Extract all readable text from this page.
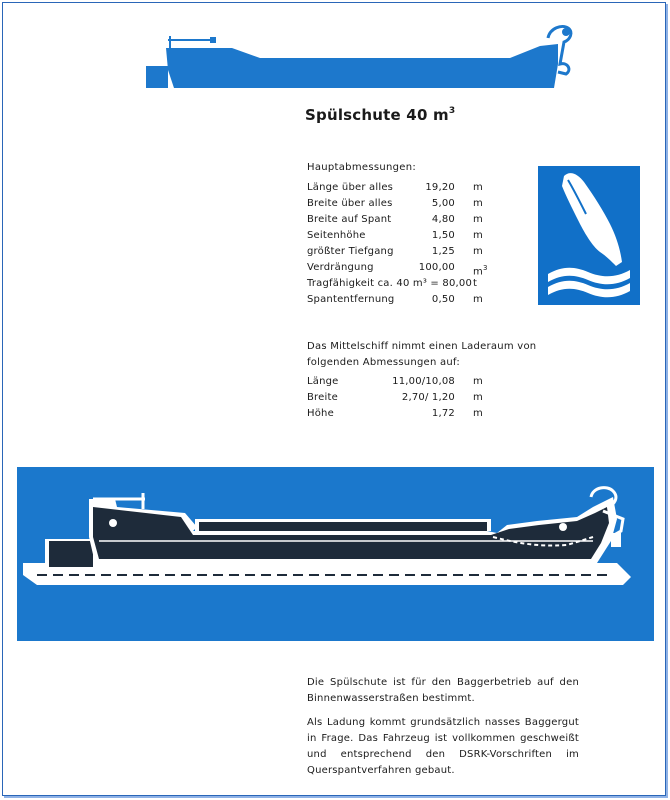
Spülschute 40 $m^3$
Hauptabmessungen:
Länge über alles	19,20 m
Breite über alles	5,00 m
Breite auf Spant	4,80 m
Seitenhöhe	1,50 m
größter Tiefgang	1,25 m
Verdrängung	100,00 $m^3$
Tragfähigkeit ca. 40 m³ = 80,00 t
Spantentfernung	0,50 m
Das Mittelschiff nimmt einen Laderaum von folgenden Abmessungen auf:
Länge	11,00/10,08 m
Breite	2,70/ 1,20 m
Höhe	1,72 m

Die Spülschute ist für den Baggerbetrieb auf den Binnenwasserstraßen bestimmt.

Als Ladung kommt grundsätzlich nasses Baggergut in Frage. Das Fahrzeug ist vollkommen geschweißt und entsprechend den DSRK-Vorschriften im Querspantverfahren gebaut.
